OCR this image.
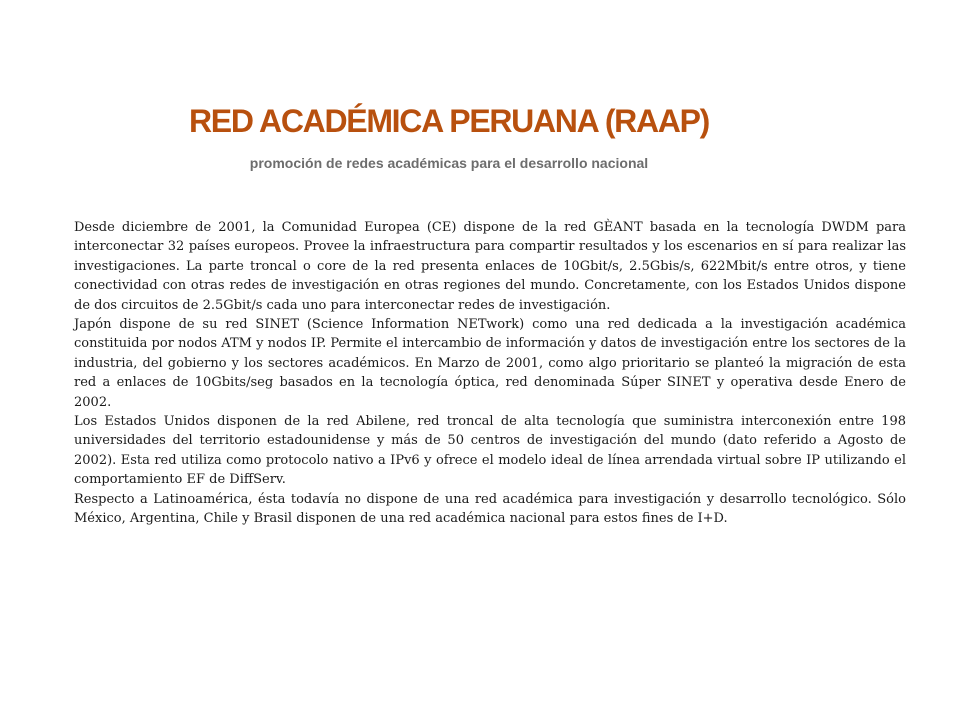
RED ACADÉMICA PERUANA (RAAP)
promoción de redes académicas para el desarrollo nacional

Desde diciembre de 2001, la Comunidad Europea (CE) dispone de la red GÈANT basada en la tecnología DWDM para interconectar 32 países europeos. Provee la infraestructura para compartir resultados y los escenarios en sí para realizar las investigaciones. La parte troncal o core de la red presenta enlaces de 10Gbit/s, 2.5Gbis/s, 622Mbit/s entre otros, y tiene conectividad con otras redes de investigación en otras regiones del mundo. Concretamente, con los Estados Unidos dispone de dos circuitos de 2.5Gbit/s cada uno para interconectar redes de investigación.

Japón dispone de su red SINET (Science Information NETwork) como una red dedicada a la investigación académica constituida por nodos ATM y nodos IP. Permite el intercambio de información y datos de investigación entre los sectores de la industria, del gobierno y los sectores académicos. En Marzo de 2001, como algo prioritario se planteó la migración de esta red a enlaces de 10Gbits/seg basados en la tecnología óptica, red denominada Súper SINET y operativa desde Enero de 2002.

Los Estados Unidos disponen de la red Abilene, red troncal de alta tecnología que suministra interconexión entre 198 universidades del territorio estadounidense y más de 50 centros de investigación del mundo (dato referido a Agosto de 2002). Esta red utiliza como protocolo nativo a IPv6 y ofrece el modelo ideal de línea arrendada virtual sobre IP utilizando el comportamiento EF de DiffServ.

Respecto a Latinoamérica, ésta todavía no dispone de una red académica para investigación y desarrollo tecnológico. Sólo México, Argentina, Chile y Brasil disponen de una red académica nacional para estos fines de I+D.
